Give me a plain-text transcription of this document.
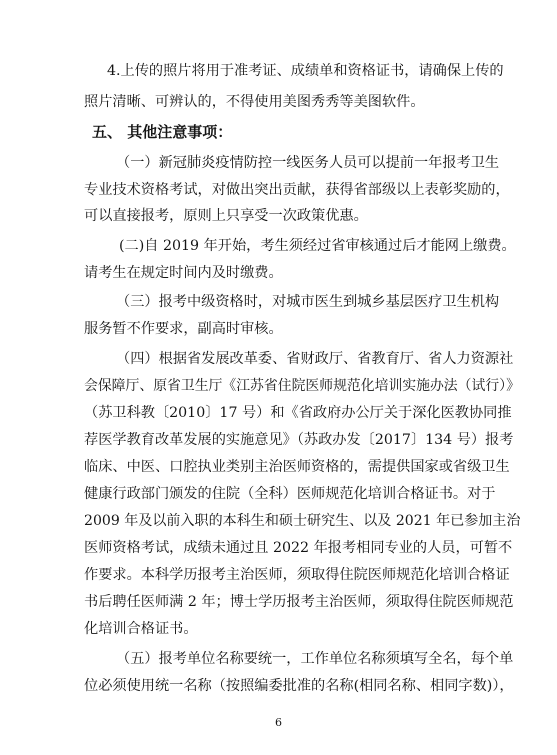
4.上传的照片将用于准考证、成绩单和资格证书，请确保上传的
照片清晰、可辨认的，不得使用美图秀秀等美图软件。
五、 其他注意事项：
（一）新冠肺炎疫情防控一线医务人员可以提前一年报考卫生
专业技术资格考试，对做出突出贡献，获得省部级以上表彰奖励的，
可以直接报考，原则上只享受一次政策优惠。
(二)自 2019 年开始，考生须经过省审核通过后才能网上缴费。
请考生在规定时间内及时缴费。
（三）报考中级资格时，对城市医生到城乡基层医疗卫生机构
服务暂不作要求，副高时审核。
（四）根据省发展改革委、省财政厅、省教育厅、省人力资源社
会保障厅、原省卫生厅《江苏省住院医师规范化培训实施办法（试行）》
（苏卫科教〔2010〕17 号）和《省政府办公厅关于深化医教协同推
荐医学教育改革发展的实施意见》（苏政办发〔2017〕134 号）报考
临床、中医、口腔执业类别主治医师资格的，需提供国家或省级卫生
健康行政部门颁发的住院（全科）医师规范化培训合格证书。对于
2009 年及以前入职的本科生和硕士研究生、以及 2021 年已参加主治
医师资格考试，成绩未通过且 2022 年报考相同专业的人员，可暂不
作要求。本科学历报考主治医师，须取得住院医师规范化培训合格证
书后聘任医师满 2 年；博士学历报考主治医师，须取得住院医师规范
化培训合格证书。
（五）报考单位名称要统一，工作单位名称须填写全名，每个单
位必须使用统一名称（按照编委批准的名称(相同名称、相同字数)），
6
